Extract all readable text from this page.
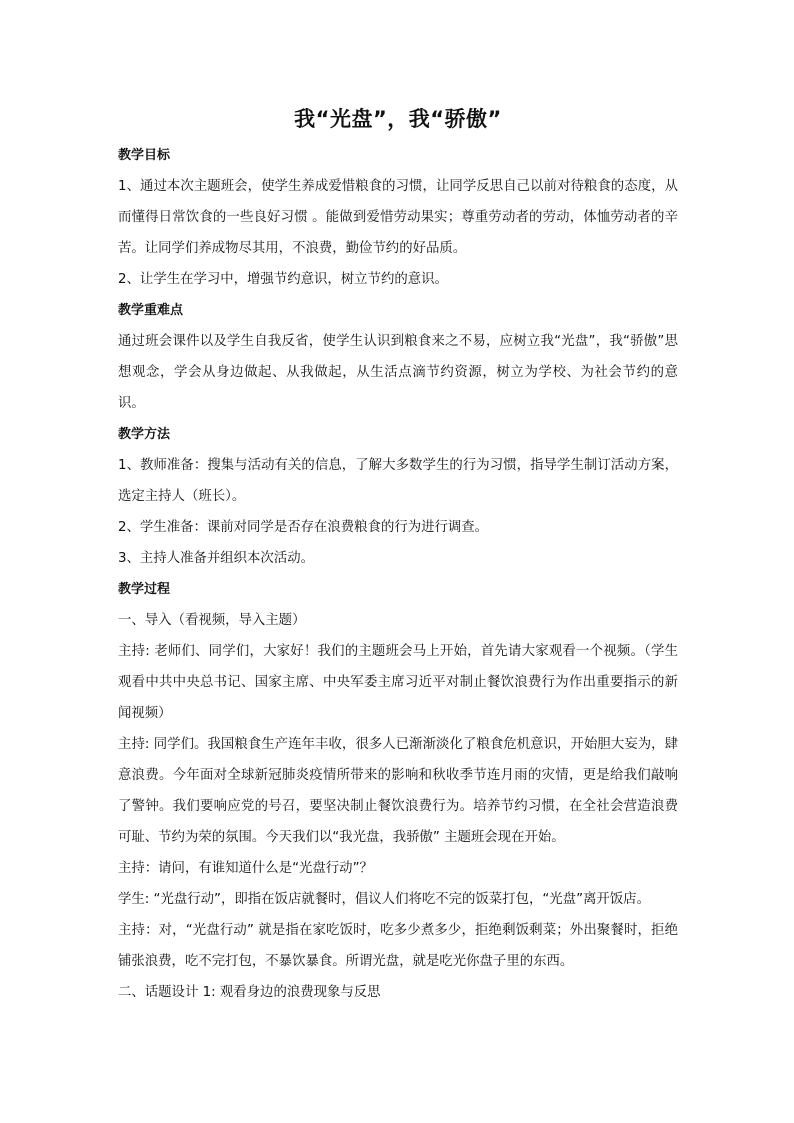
我“光盘”，我“骄傲”

教学目标

1、通过本次主题班会，使学生养成爱惜粮食的习惯，让同学反思自己以前对待粮食的态度，从而懂得日常饮食的一些良好习惯 。能做到爱惜劳动果实；尊重劳动者的劳动，体恤劳动者的辛苦。让同学们养成物尽其用，不浪费，勤俭节约的好品质。

2、让学生在学习中，增强节约意识，树立节约的意识。

教学重难点

通过班会课件以及学生自我反省，使学生认识到粮食来之不易，应树立我“光盘”，我“骄傲”思想观念，学会从身边做起、从我做起，从生活点滴节约资源，树立为学校、为社会节约的意识。

教学方法

1、教师准备：搜集与活动有关的信息，了解大多数学生的行为习惯，指导学生制订活动方案，选定主持人（班长）。

2、学生准备：课前对同学是否存在浪费粮食的行为进行调查。

3、主持人准备并组织本次活动。

教学过程

一、导入（看视频，导入主题）

主持: 老师们、同学们，大家好！我们的主题班会马上开始，首先请大家观看一个视频。（学生观看中共中央总书记、国家主席、中央军委主席习近平对制止餐饮浪费行为作出重要指示的新闻视频）

主持: 同学们。我国粮食生产连年丰收，很多人已渐渐淡化了粮食危机意识，开始胆大妄为，肆意浪费。今年面对全球新冠肺炎疫情所带来的影响和秋收季节连月雨的灾情，更是给我们敲响了警钟。我们要响应党的号召，要坚决制止餐饮浪费行为。培养节约习惯，在全社会营造浪费可耻、节约为荣的氛围。今天我们以“我光盘，我骄傲” 主题班会现在开始。

主持：请问，有谁知道什么是“光盘行动”？

学生: “光盘行动”，即指在饭店就餐时，倡议人们将吃不完的饭菜打包，“光盘”离开饭店。

主持：对，“光盘行动” 就是指在家吃饭时，吃多少煮多少，拒绝剩饭剩菜；外出聚餐时，拒绝铺张浪费，吃不完打包，不暴饮暴食。所谓光盘，就是吃光你盘子里的东西。

二、话题设计 1: 观看身边的浪费现象与反思
